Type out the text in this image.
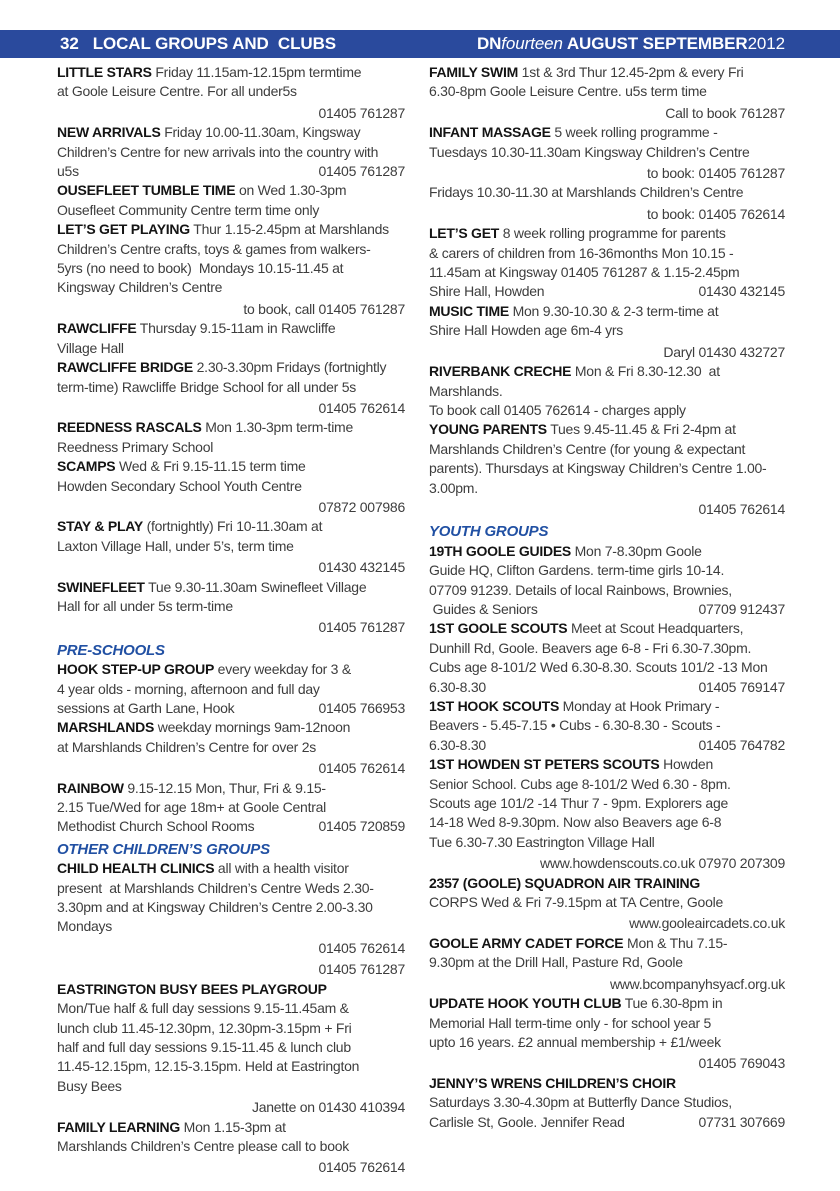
32 LOCAL GROUPS AND  CLUBS	DN fourteen AUGUST SEPTEMBER 2012
LITTLE STARS Friday 11.15am-12.15pm termtime
at Goole Leisure Centre. For all under5s
01405 761287
NEW ARRIVALS Friday 10.00-11.30am, Kingsway
Children’s Centre for new arrivals into the country with
u5s	01405 761287
OUSEFLEET TUMBLE TIME on Wed 1.30-3pm
Ousefleet Community Centre term time only
LET’S GET PLAYING Thur 1.15-2.45pm at Marshlands
Children’s Centre crafts, toys & games from walkers-
5yrs (no need to book)  Mondays 10.15-11.45 at
Kingsway Children’s Centre
to book, call 01405 761287
RAWCLIFFE Thursday 9.15-11am in Rawcliffe
Village Hall
RAWCLIFFE BRIDGE 2.30-3.30pm Fridays (fortnightly
term-time) Rawcliffe Bridge School for all under 5s
01405 762614
REEDNESS RASCALS Mon 1.30-3pm term-time
Reedness Primary School
SCAMPS Wed & Fri 9.15-11.15 term time
Howden Secondary School Youth Centre
07872 007986
STAY & PLAY (fortnightly) Fri 10-11.30am at
Laxton Village Hall, under 5’s, term time
01430 432145
SWINEFLEET Tue 9.30-11.30am Swinefleet Village
Hall for all under 5s term-time
01405 761287
PRE-SCHOOLS
HOOK STEP-UP GROUP every weekday for 3 &
4 year olds - morning, afternoon and full day
sessions at Garth Lane, Hook	01405 766953
MARSHLANDS weekday mornings 9am-12noon
at Marshlands Children’s Centre for over 2s
01405 762614
RAINBOW 9.15-12.15 Mon, Thur, Fri & 9.15-
2.15 Tue/Wed for age 18m+ at Goole Central
Methodist Church School Rooms	01405 720859
OTHER CHILDREN’S GROUPS
CHILD HEALTH CLINICS all with a health visitor
present  at Marshlands Children’s Centre Weds 2.30-
3.30pm and at Kingsway Children’s Centre 2.00-3.30
Mondays
01405 762614
01405 761287
EASTRINGTON BUSY BEES PLAYGROUP
Mon/Tue half & full day sessions 9.15-11.45am &
lunch club 11.45-12.30pm, 12.30pm-3.15pm + Fri
half and full day sessions 9.15-11.45 & lunch club
11.45-12.15pm, 12.15-3.15pm. Held at Eastrington
Busy Bees
Janette on 01430 410394
FAMILY LEARNING Mon 1.15-3pm at
Marshlands Children’s Centre please call to book
01405 762614
FAMILY SWIM 1st & 3rd Thur 12.45-2pm & every Fri
6.30-8pm Goole Leisure Centre. u5s term time
Call to book 761287
INFANT MASSAGE 5 week rolling programme -
Tuesdays 10.30-11.30am Kingsway Children’s Centre
to book: 01405 761287
Fridays 10.30-11.30 at Marshlands Children’s Centre
to book: 01405 762614
LET’S GET 8 week rolling programme for parents
& carers of children from 16-36months Mon 10.15 -
11.45am at Kingsway 01405 761287 & 1.15-2.45pm
Shire Hall, Howden	01430 432145
MUSIC TIME Mon 9.30-10.30 & 2-3 term-time at
Shire Hall Howden age 6m-4 yrs
Daryl 01430 432727
RIVERBANK CRECHE Mon & Fri 8.30-12.30  at
Marshlands.
To book call 01405 762614 - charges apply
YOUNG PARENTS Tues 9.45-11.45 & Fri 2-4pm at
Marshlands Children’s Centre (for young & expectant
parents). Thursdays at Kingsway Children’s Centre 1.00-
3.00pm.
01405 762614
YOUTH GROUPS
19TH GOOLE GUIDES Mon 7-8.30pm Goole
Guide HQ, Clifton Gardens. term-time girls 10-14.
07709 91239. Details of local Rainbows, Brownies,
Guides & Seniors	07709 912437
1ST GOOLE SCOUTS Meet at Scout Headquarters,
Dunhill Rd, Goole. Beavers age 6-8 - Fri 6.30-7.30pm.
Cubs age 8-101/2 Wed 6.30-8.30. Scouts 101/2 -13 Mon
6.30-8.30	01405 769147
1ST HOOK SCOUTS Monday at Hook Primary -
Beavers - 5.45-7.15 • Cubs - 6.30-8.30 - Scouts -
6.30-8.30	01405 764782
1ST HOWDEN ST PETERS SCOUTS Howden
Senior School. Cubs age 8-101/2 Wed 6.30 - 8pm.
Scouts age 101/2 -14 Thur 7 - 9pm. Explorers age
14-18 Wed 8-9.30pm. Now also Beavers age 6-8
Tue 6.30-7.30 Eastrington Village Hall
www.howdenscouts.co.uk 07970 207309
2357 (GOOLE) SQUADRON AIR TRAINING
CORPS Wed & Fri 7-9.15pm at TA Centre, Goole
www.gooleaircadets.co.uk
GOOLE ARMY CADET FORCE Mon & Thu 7.15-
9.30pm at the Drill Hall, Pasture Rd, Goole
www.bcompanyhsyacf.org.uk
UPDATE HOOK YOUTH CLUB Tue 6.30-8pm in
Memorial Hall term-time only - for school year 5
upto 16 years. £2 annual membership + £1/week
01405 769043
JENNY’S WRENS CHILDREN’S CHOIR
Saturdays 3.30-4.30pm at Butterfly Dance Studios,
Carlisle St, Goole. Jennifer Read	07731 307669
